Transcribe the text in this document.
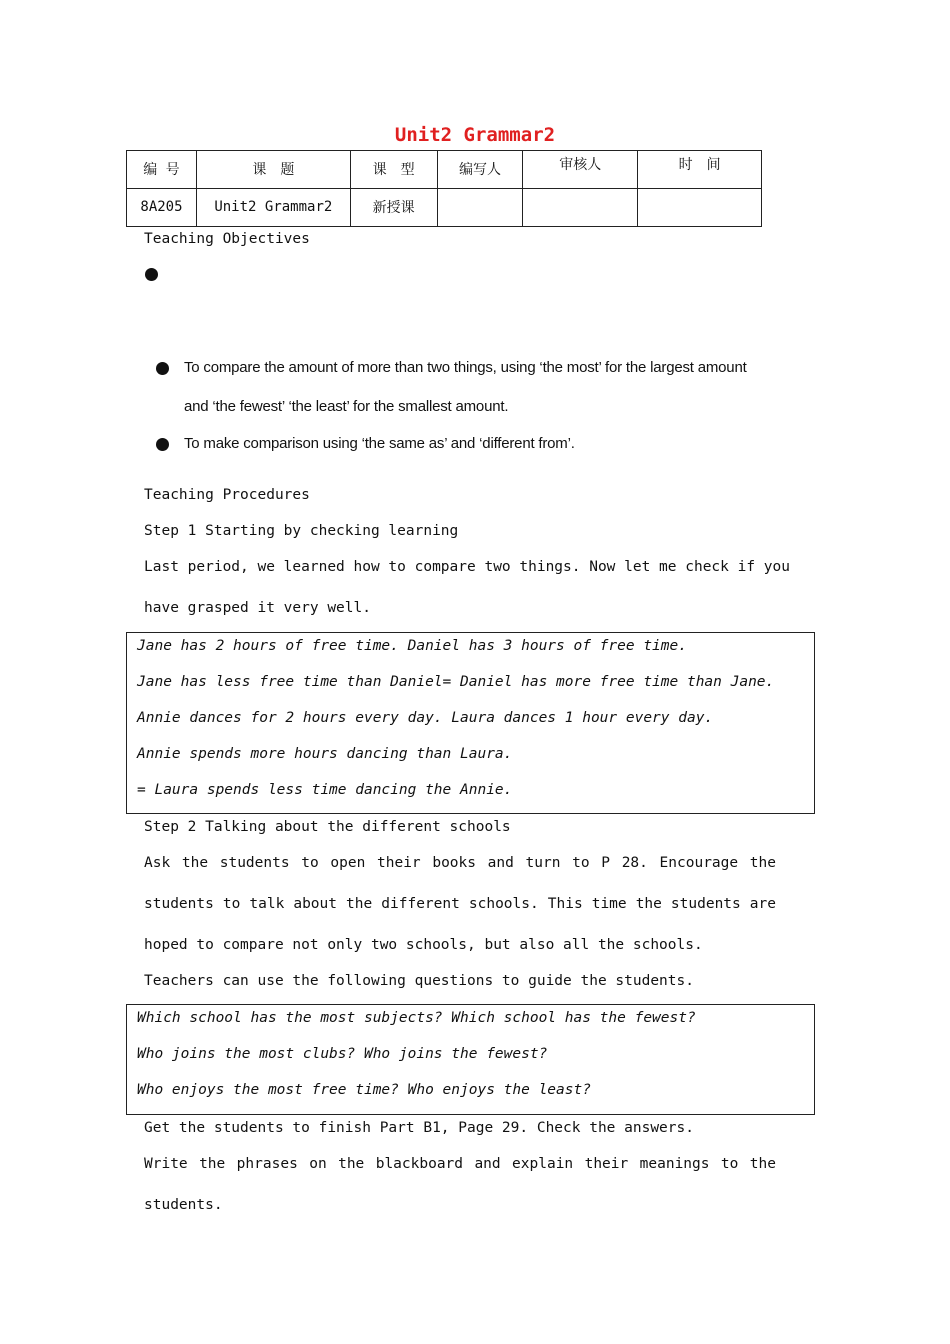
Unit2 Grammar2
编 号	课　题	课　型	编写人	审核人	时　间
8A205	Unit2 Grammar2	新授课			
Teaching Objectives
To compare the amount of more than two things, using ‘the most’ for the largest amount
and ‘the fewest’ ‘the least’ for the smallest amount.
To make comparison using ‘the same as’ and ‘different from’.
Teaching Procedures
Step 1 Starting by checking learning
Last period, we learned how to compare two things. Now let me check if you
have grasped it very well.
Jane has 2 hours of free time. Daniel has 3 hours of free time.
Jane has less free time than Daniel= Daniel has more free time than Jane.
Annie dances for 2 hours every day. Laura dances 1 hour every day.
Annie spends more hours dancing than Laura.
= Laura spends less time dancing the Annie.
Step 2 Talking about the different schools
Ask the students to open their books and turn to P 28. Encourage the
students to talk about the different schools. This time the students are
hoped to compare not only two schools, but also all the schools.
Teachers can use the following questions to guide the students.
Which school has the most subjects? Which school has the fewest?
Who joins the most clubs? Who joins the fewest?
Who enjoys the most free time? Who enjoys the least?
Get the students to finish Part B1, Page 29. Check the answers.
Write the phrases on the blackboard and explain their meanings to the
students.
